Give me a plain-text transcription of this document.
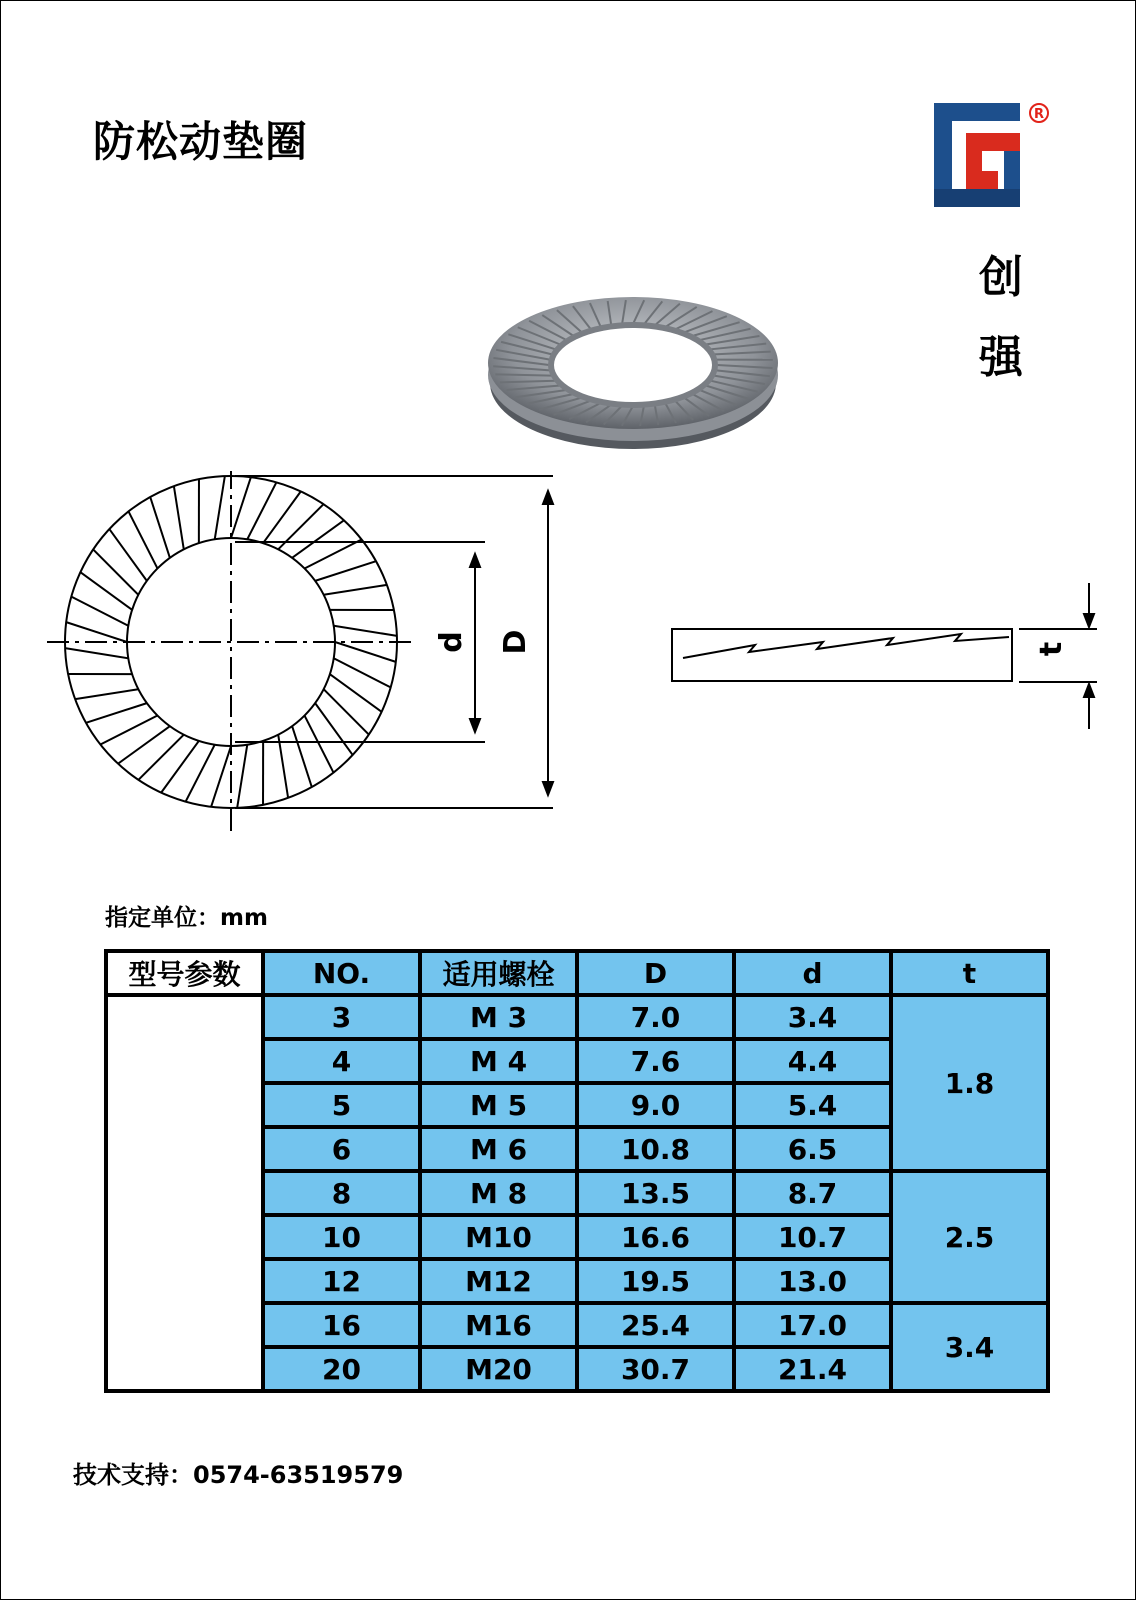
防松动垫圈
R
创
强
d D	t
指定单位：mm
型号参数	NO.	适用螺栓	D	d	t
	3	M 3	7.0	3.4	1.8
	4	M 4	7.6	4.4	
	5	M 5	9.0	5.4	
	6	M 6	10.8	6.5	
	8	M 8	13.5	8.7	2.5
	10	M10	16.6	10.7	
	12	M12	19.5	13.0	
	16	M16	25.4	17.0	3.4
	20	M20	30.7	21.4	
技术支持：0574-63519579
